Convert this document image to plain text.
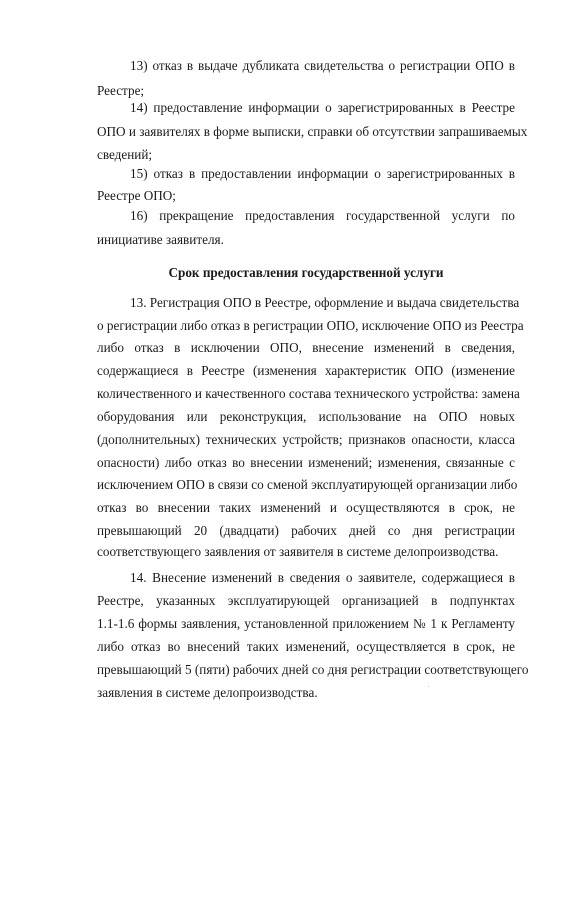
13) отказ в выдаче дубликата свидетельства о регистрации ОПО в
Реестре;
14) предоставление информации о зарегистрированных в Реестре
ОПО и заявителях в форме выписки, справки об отсутствии запрашиваемых
сведений;
15) отказ в предоставлении информации о зарегистрированных в
Реестре ОПО;
16) прекращение предоставления государственной услуги по
инициативе заявителя.
Срок предоставления государственной услуги
13. Регистрация ОПО в Реестре, оформление и выдача свидетельства
о регистрации либо отказ в регистрации ОПО, исключение ОПО из Реестра
либо отказ в исключении ОПО, внесение изменений в сведения,
содержащиеся в Реестре (изменения характеристик ОПО (изменение
количественного и качественного состава технического устройства: замена
оборудования или реконструкция, использование на ОПО новых
(дополнительных) технических устройств; признаков опасности, класса
опасности) либо отказ во внесении изменений; изменения, связанные с
исключением ОПО в связи со сменой эксплуатирующей организации либо
отказ во внесении таких изменений и осуществляются в срок, не
превышающий 20 (двадцати) рабочих дней со дня регистрации
соответствующего заявления от заявителя в системе делопроизводства.
14. Внесение изменений в сведения о заявителе, содержащиеся в
Реестре, указанных эксплуатирующей организацией в подпунктах
1.1-1.6 формы заявления, установленной приложением № 1 к Регламенту
либо отказ во внесений таких изменений, осуществляется в срок, не
превышающий 5 (пяти) рабочих дней со дня регистрации соответствующего
заявления в системе делопроизводства.
